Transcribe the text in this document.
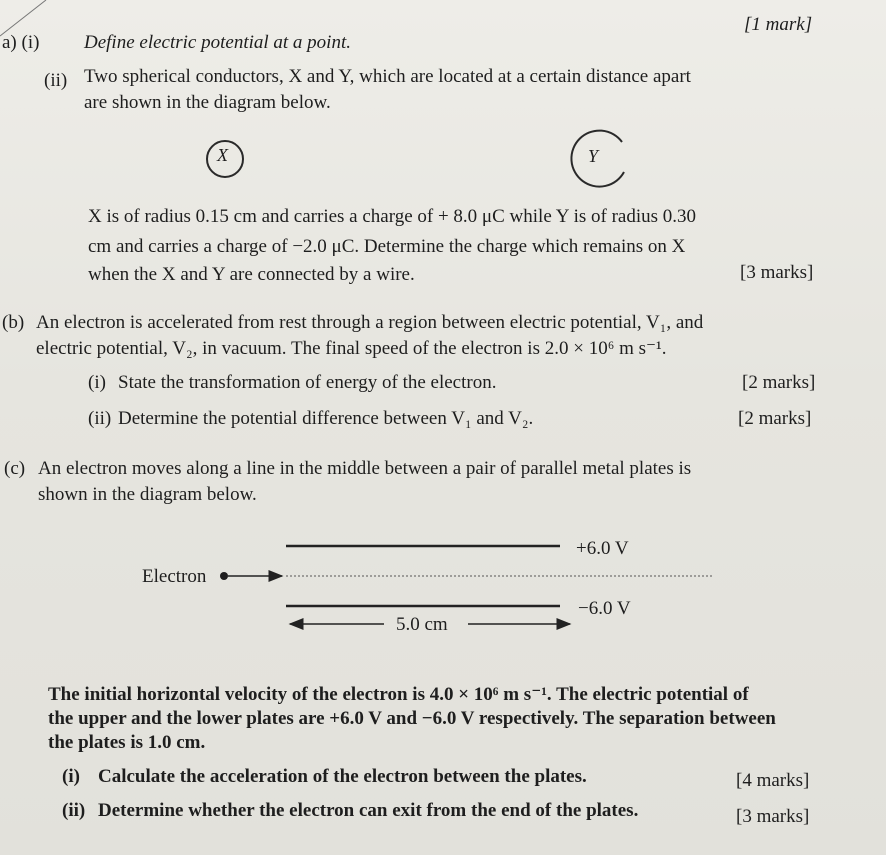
a) (i) Define electric potential at a point.
[1 mark]
(ii) Two spherical conductors, X and Y, which are located at a certain distance apart
are shown in the diagram below.
X	Y
X is of radius 0.15 cm and carries a charge of + 8.0 μC while Y is of radius 0.30
cm and carries a charge of −2.0 μC. Determine the charge which remains on X
when the X and Y are connected by a wire.	[3 marks]
(b) An electron is accelerated from rest through a region between electric potential, V₁, and
electric potential, V₂, in vacuum. The final speed of the electron is 2.0 × 10⁶ m s⁻¹.
(i) State the transformation of energy of the electron.	[2 marks]
(ii) Determine the potential difference between V₁ and V₂.	[2 marks]
(c) An electron moves along a line in the middle between a pair of parallel metal plates is
shown in the diagram below.
+6.0 V
Electron
−6.0 V
5.0 cm
The initial horizontal velocity of the electron is 4.0 × 10⁶ m s⁻¹. The electric potential of
the upper and the lower plates are +6.0 V and −6.0 V respectively. The separation between
the plates is 1.0 cm.
(i) Calculate the acceleration of the electron between the plates.	[4 marks]
(ii) Determine whether the electron can exit from the end of the plates.	[3 marks]
